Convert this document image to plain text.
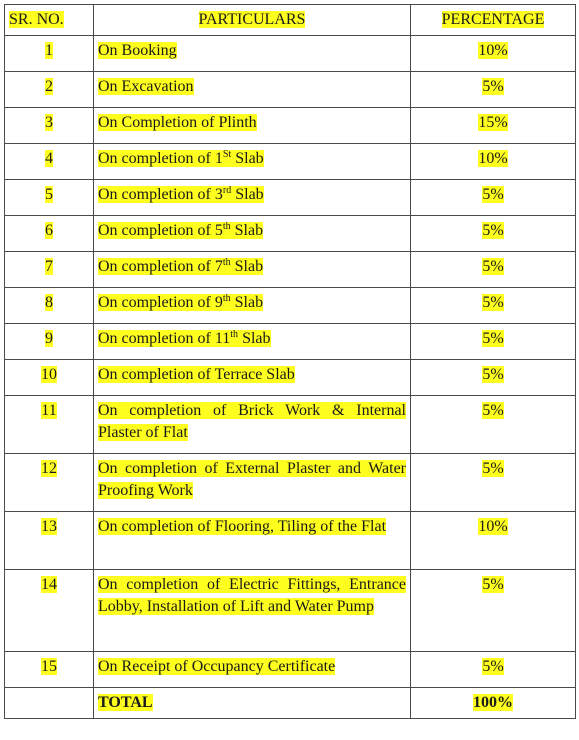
SR. NO.	PARTICULARS	PERCENTAGE
1	On Booking	10%
2	On Excavation	5%
3	On Completion of Plinth	15%
4	On completion of 1St Slab	10%
5	On completion of 3rd Slab	5%
6	On completion of 5th Slab	5%
7	On completion of 7th Slab	5%
8	On completion of 9th Slab	5%
9	On completion of 11th Slab	5%
10	On completion of Terrace Slab	5%
11	On completion of Brick Work & Internal Plaster of Flat	5%
12	On completion of External Plaster and Water Proofing Work	5%
13	On completion of Flooring, Tiling of the Flat	10%
14	On completion of Electric Fittings, Entrance Lobby, Installation of Lift and Water Pump	5%
15	On Receipt of Occupancy Certificate	5%
	TOTAL	100%
